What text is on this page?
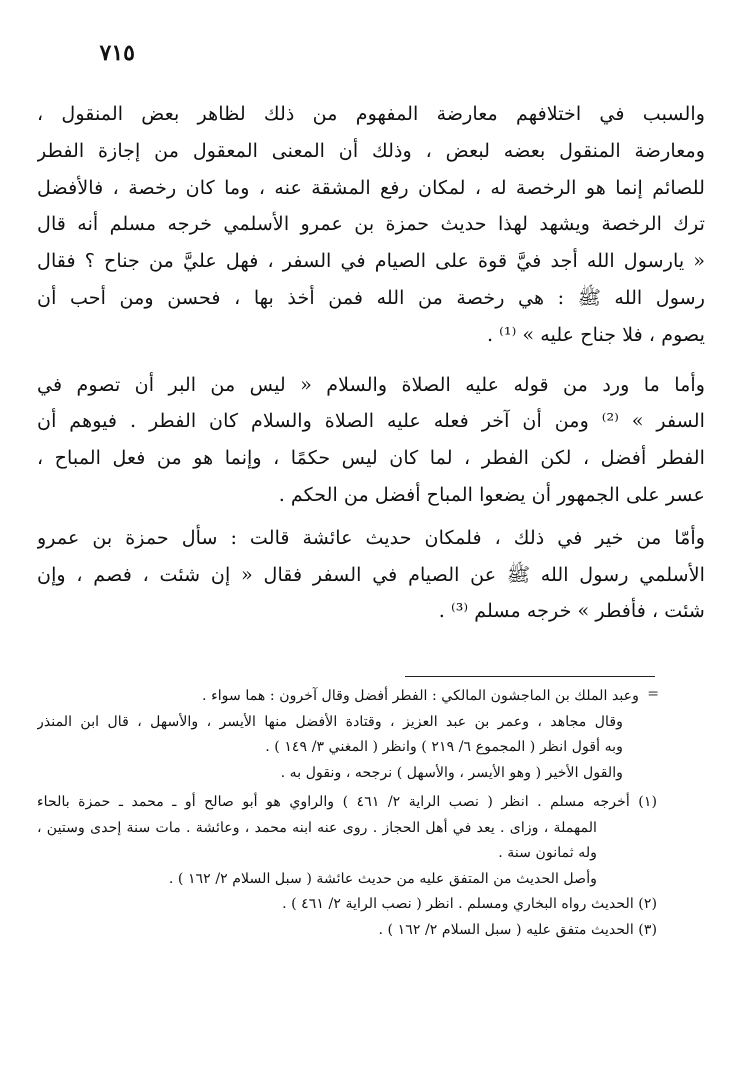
٧١٥

والسبب في اختلافهم معارضة المفهوم من ذلك لظاهر بعض المنقول ،
ومعارضة المنقول بعضه لبعض ، وذلك أن المعنى المعقول من إجازة الفطر
للصائم إنما هو الرخصة له ، لمكان رفع المشقة عنه ، وما كان رخصة ، فالأفضل
ترك الرخصة ويشهد لهذا حديث حمزة بن عمرو الأسلمي خرجه مسلم أنه قال
« يارسول الله أجد فيَّ قوة على الصيام في السفر ، فهل عليَّ من جناح ؟ فقال
رسول الله ﷺ : هي رخصة من الله فمن أخذ بها ، فحسن ومن أحب أن
يصوم ، فلا جناح عليه » ⁽¹⁾ .

وأما ما ورد من قوله عليه الصلاة والسلام « ليس من البر أن تصوم في
السفر » ⁽²⁾ ومن أن آخر فعله عليه الصلاة والسلام كان الفطر . فيوهم أن
الفطر أفضل ، لكن الفطر ، لما كان ليس حكمًا ، وإنما هو من فعل المباح ،
عسر على الجمهور أن يضعوا المباح أفضل من الحكم .

وأمّا من خير في ذلك ، فلمكان حديث عائشة قالت : سأل حمزة بن عمرو
الأسلمي رسول الله ﷺ عن الصيام في السفر فقال « إن شئت ، فصم ، وإن
شئت ، فأفطر » خرجه مسلم ⁽³⁾ .

وعبد الملك بن الماجشون المالكي : الفطر أفضل وقال آخرون : هما سواء .
وقال مجاهد ، وعمر بن عبد العزيز ، وقتادة الأفضل منها الأيسر ، والأسهل ، قال ابن المنذر
وبه أقول انظر ( المجموع ٦/ ٢١٩ ) وانظر ( المغني ٣/ ١٤٩ ) .
والقول الأخير ( وهو الأيسر ، والأسهل ) نرجحه ، ونقول به .
(١) أخرجه مسلم . انظر ( نصب الراية ٢/ ٤٦١ ) والراوي هو أبو صالح أو ـ محمد ـ حمزة بالحاء
المهملة ، وزاى . يعد في أهل الحجاز . روى عنه ابنه محمد ، وعائشة . مات سنة إحدى وستين ،
وله ثمانون سنة .
وأصل الحديث من المتفق عليه من حديث عائشة ( سبل السلام ٢/ ١٦٢ ) .
(٢) الحديث رواه البخاري ومسلم . انظر ( نصب الراية ٢/ ٤٦١ ) .
(٣) الحديث متفق عليه ( سبل السلام ٢/ ١٦٢ ) .
=
